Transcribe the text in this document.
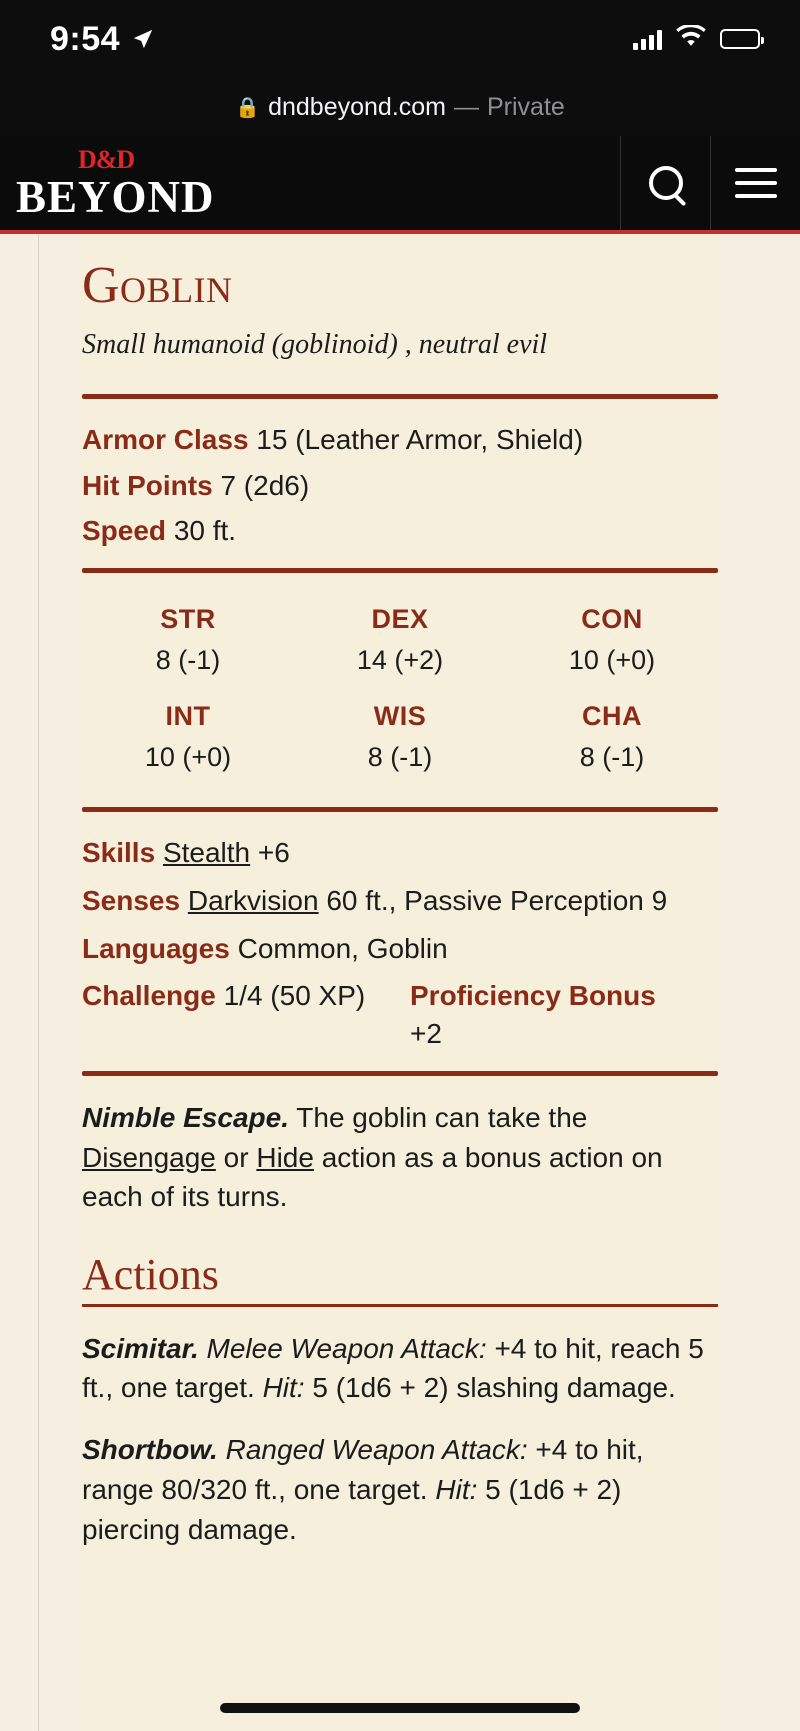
9:54
🔒 dndbeyond.com — Private
D&D
BEYOND
Goblin
Small humanoid (goblinoid) , neutral evil
Armor Class 15 (Leather Armor, Shield)
Hit Points 7 (2d6)
Speed 30 ft.
STR
8 (-1)
DEX
14 (+2)
CON
10 (+0)
INT
10 (+0)
WIS
8 (-1)
CHA
8 (-1)
Skills Stealth +6
Senses Darkvision 60 ft., Passive Perception 9
Languages Common, Goblin
Challenge 1/4 (50 XP)	Proficiency Bonus
+2
Nimble Escape. The goblin can take the Disengage or Hide action as a bonus action on each of its turns.
Actions
Scimitar. Melee Weapon Attack: +4 to hit, reach 5 ft., one target. Hit: 5 (1d6 + 2) slashing damage.
Shortbow. Ranged Weapon Attack: +4 to hit, range 80/320 ft., one target. Hit: 5 (1d6 + 2) piercing damage.
